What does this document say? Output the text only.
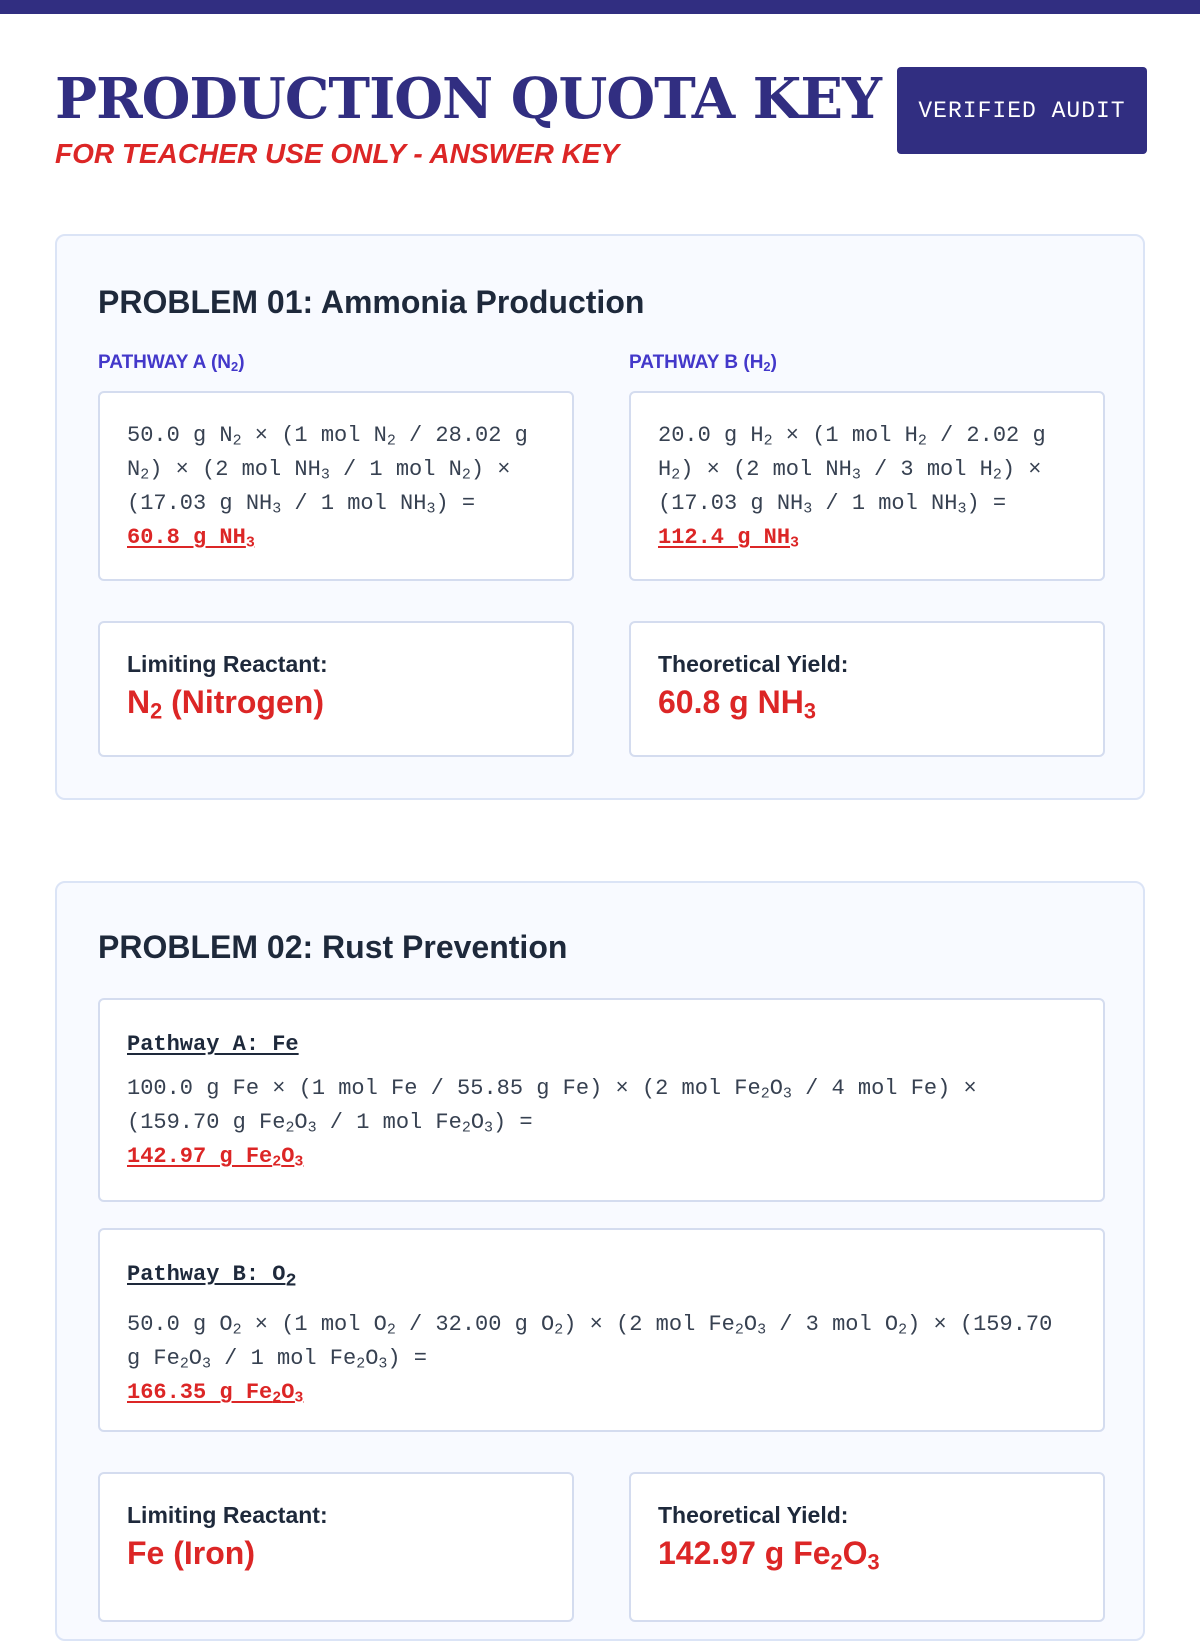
PRODUCTION QUOTA KEY

FOR TEACHER USE ONLY - ANSWER KEY

VERIFIED AUDIT
PROBLEM 01: Ammonia Production
PATHWAY A $(N_2)$	PATHWAY B $(H_2)$
50.0 g $N_2 \times (1$ mol $N_2 / 28.02$ g $N_2) \times (2$ mol $NH_3 / 1$ mol $N_2) \times (17.03$ g $NH_3 / 1$ mol $NH_3$) =
60.8 g $NH_3$
20.0 g $H_2 \times (1$ mol $H_2 / 2.02$ g $H_2) \times (2$ mol $NH_3 / 3$ mol $H_2) \times (17.03$ g $NH_3 / 1$ mol $NH_3$) =
112.4 g $NH_3$

Limiting Reactant:

$N_2$ (Nitrogen)

Theoretical Yield:

60.8 g $NH_3$

PROBLEM 02: Rust Prevention
Pathway A: Fe
100.0 g Fe × (1 mol Fe / 55.85 g Fe) × (2 mol $Fe_2O_3 / 4$ mol Fe) × (159.70 g $Fe_2O_3 / 1$ mol $Fe_2O_3$) =
142.97 g $Fe_2O_3$
Pathway B: $O_2$
50.0 g $O_2 \times (1$ mol $O_2 / 32.00$ g $O_2) \times (2$ mol $Fe_2O_3 / 3$ mol $O_2) \times (159.70$ g $Fe_2O_3 / 1$ mol $Fe_2O_3$) =
166.35 g $Fe_2O_3$

Limiting Reactant:

Fe (Iron)

Theoretical Yield:

142.97 g $Fe_2O_3$
